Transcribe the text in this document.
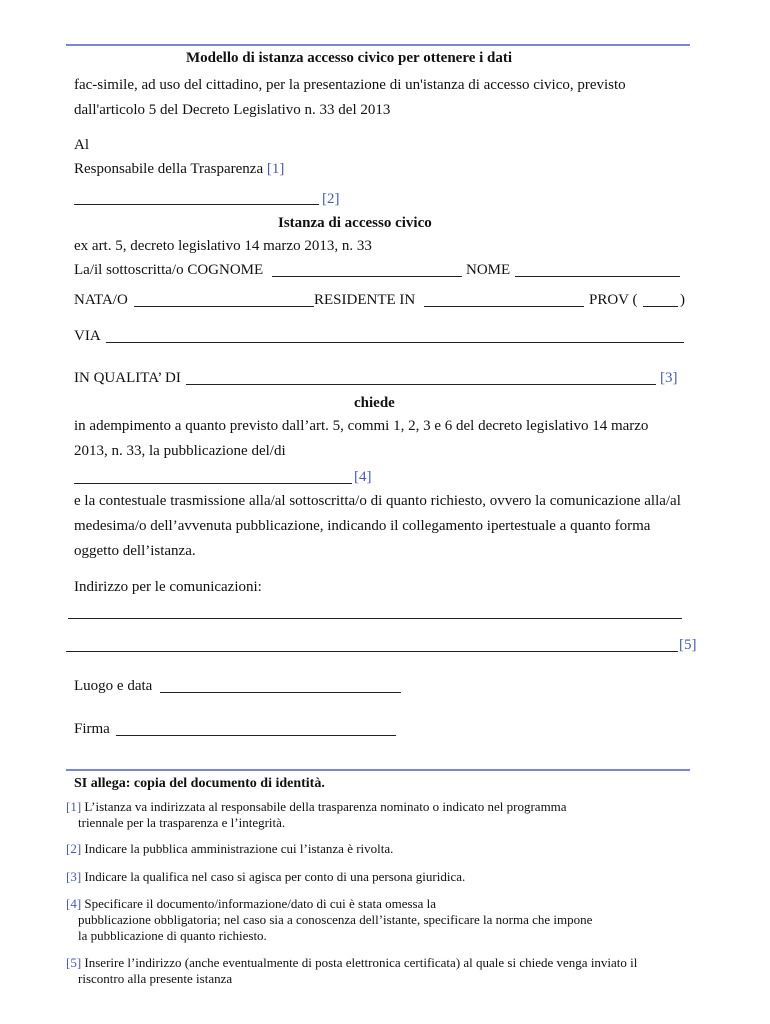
Modello di istanza accesso civico per ottenere i dati
fac-simile, ad uso del cittadino, per la presentazione di un'istanza di accesso civico, previsto
dall'articolo 5 del Decreto Legislativo n. 33 del 2013
Al
Responsabile della Trasparenza [1]
[2]
Istanza di accesso civico
ex art. 5, decreto legislativo 14 marzo 2013, n. 33
La/il sottoscritta/o COGNOME	NOME
NATA/O	RESIDENTE IN	PROV (	)
VIA
IN QUALITA’ DI	[3]
chiede
in adempimento a quanto previsto dall’art. 5, commi 1, 2, 3 e 6 del decreto legislativo 14 marzo
2013, n. 33, la pubblicazione del/di
[4]
e la contestuale trasmissione alla/al sottoscritta/o di quanto richiesto, ovvero la comunicazione alla/al
medesima/o dell’avvenuta pubblicazione, indicando il collegamento ipertestuale a quanto forma
oggetto dell’istanza.
Indirizzo per le comunicazioni:
[5]
Luogo e data
Firma
SI allega: copia del documento di identità.
[1] L’istanza va indirizzata al responsabile della trasparenza nominato o indicato nel programma
triennale per la trasparenza e l’integrità.
[2] Indicare la pubblica amministrazione cui l’istanza è rivolta.
[3] Indicare la qualifica nel caso si agisca per conto di una persona giuridica.
[4] Specificare il documento/informazione/dato di cui è stata omessa la
pubblicazione obbligatoria; nel caso sia a conoscenza dell’istante, specificare la norma che impone
la pubblicazione di quanto richiesto.
[5] Inserire l’indirizzo (anche eventualmente di posta elettronica certificata) al quale si chiede venga inviato il
riscontro alla presente istanza
